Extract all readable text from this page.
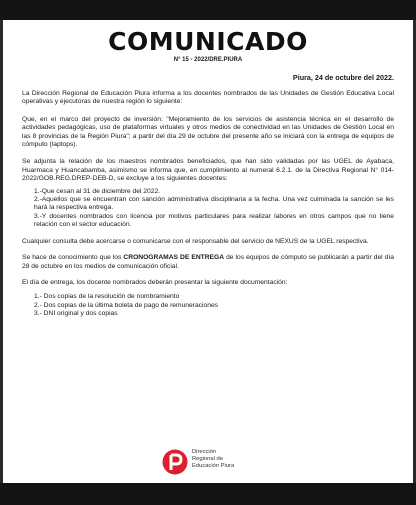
COMUNICADO
N° 15 - 2022/DRE.PIURA
Piura, 24 de octubre del 2022.

La Dirección Regional de Educación Piura informa a los docentes nombrados de las Unidades de Gestión Educativa Local operativas y ejecutoras de nuestra región lo siguiente:

Que, en el marco del proyecto de inversión: "Mejoramiento de los servicios de asistencia técnica en el desarrollo de actividades pedagógicas, uso de plataformas virtuales y otros medios de conectividad en las Unidades de Gestión Local en las 8 provincias de la Región Piura"; a partir del día 29 de octubre del presente año se iniciará con la entrega de equipos de cómputo (laptops).

Se adjunta la relación de los maestros nombrados beneficiados, que han sido validadas por las UGEL de Ayabaca, Huarmaca y Huancabamba, asimismo se informa que, en cumplimiento al numeral 6.2.1. de la Directiva Regional N° 014-2022/GOB.REG.DREP-DEB-D, se excluye a los siguientes docentes:

1.-Que cesan al 31 de diciembre del 2022.
2.-Aquellos que se encuentran con sanción administrativa disciplinaria a la fecha. Una vez culminada la sanción se les hará la respectiva entrega.
3.-Y docentes nombrados con licencia por motivos particulares para realizar labores en otros campos que no tiene relación con el sector educación.

Cualquier consulta debe acercarse o comunicarse con el responsable del servicio de NEXUS de la UGEL respectiva.

Se hace de conocimiento que los CRONOGRAMAS DE ENTREGA de los equipos de cómputo se publicarán a partir del día 28 de octubre en los medios de comunicación oficial.

El día de entrega, los docente nombrados deberán presentar la siguiente documentación:

1.- Dos copias de la resolución de nombramiento
2.- Dos copias de la última boleta de pago de remuneraciones
3.- DNI original y dos copias
Dirección
Regional de
Educación Piura
